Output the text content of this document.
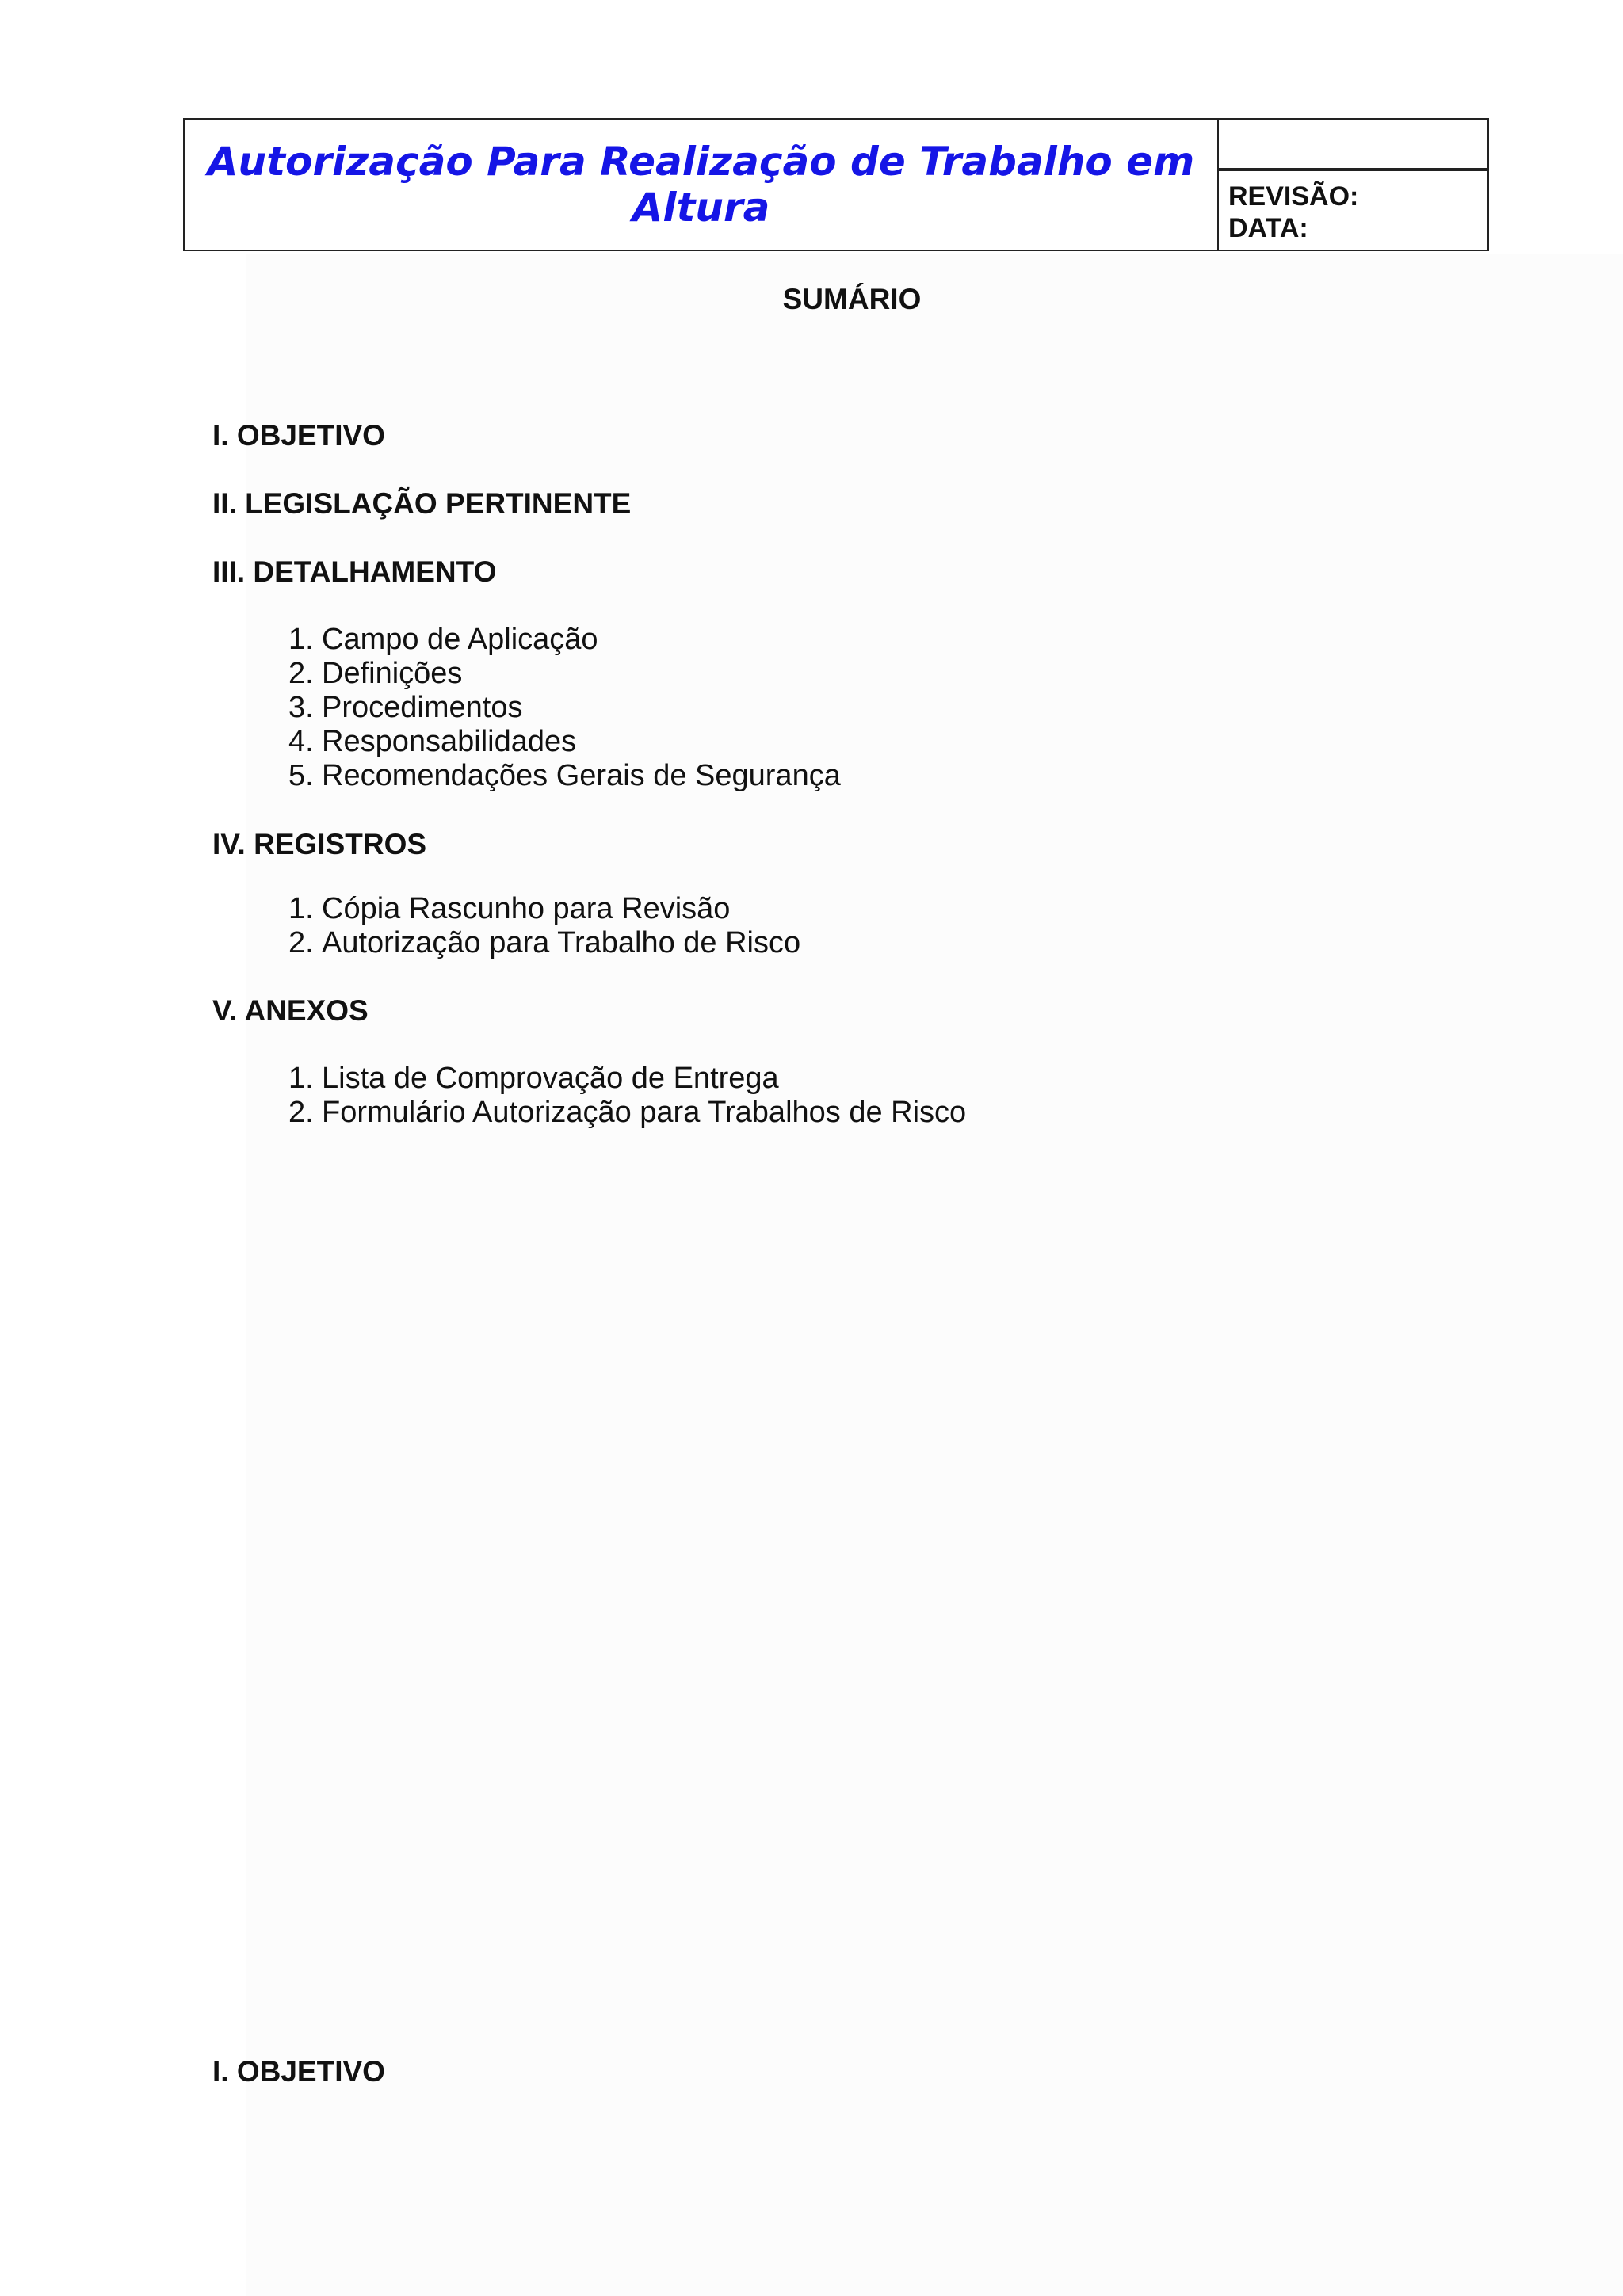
Autorização Para Realização de Trabalho em Altura	REVISÃO:
DATA:
SUMÁRIO
I. OBJETIVO
II. LEGISLAÇÃO PERTINENTE
III. DETALHAMENTO
1. Campo de Aplicação
2. Definições
3. Procedimentos
4. Responsabilidades
5. Recomendações Gerais de Segurança
IV. REGISTROS
1. Cópia Rascunho para Revisão
2. Autorização para Trabalho de Risco
V. ANEXOS
1. Lista de Comprovação de Entrega
2. Formulário Autorização para Trabalhos de Risco
I. OBJETIVO
